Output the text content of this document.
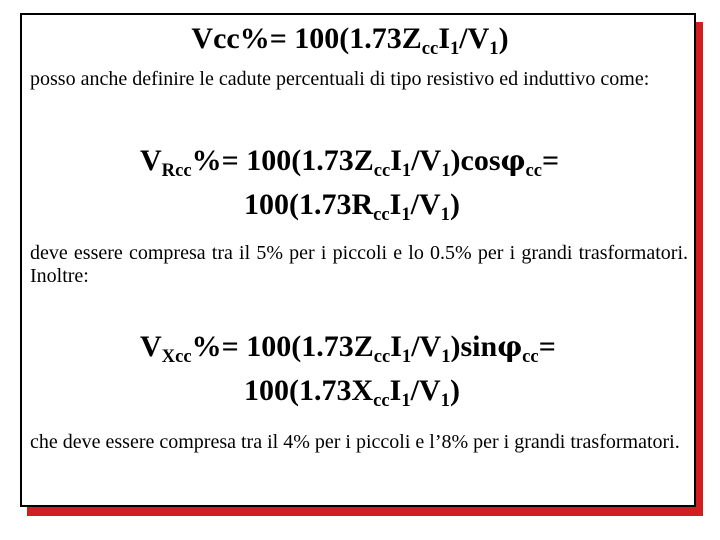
$Vcc\%= 100(1.73Z_{cc}I_1/V_1)$

posso anche definire le cadute percentuali di tipo resistivo ed induttivo come:

$V_{Rcc}\%= 100(1.73Z_{cc}I_1/V_1)\cos\varphi_{cc}=$
$100(1.73R_{cc}I_1/V_1)$

deve essere compresa tra il 5% per i piccoli e lo 0.5% per i grandi trasformatori. Inoltre:

$V_{Xcc}\%= 100(1.73Z_{cc}I_1/V_1)\sin\varphi_{cc}=$
$100(1.73X_{cc}I_1/V_1)$

che deve essere compresa tra il 4% per i piccoli e l’8% per i grandi trasformatori.
